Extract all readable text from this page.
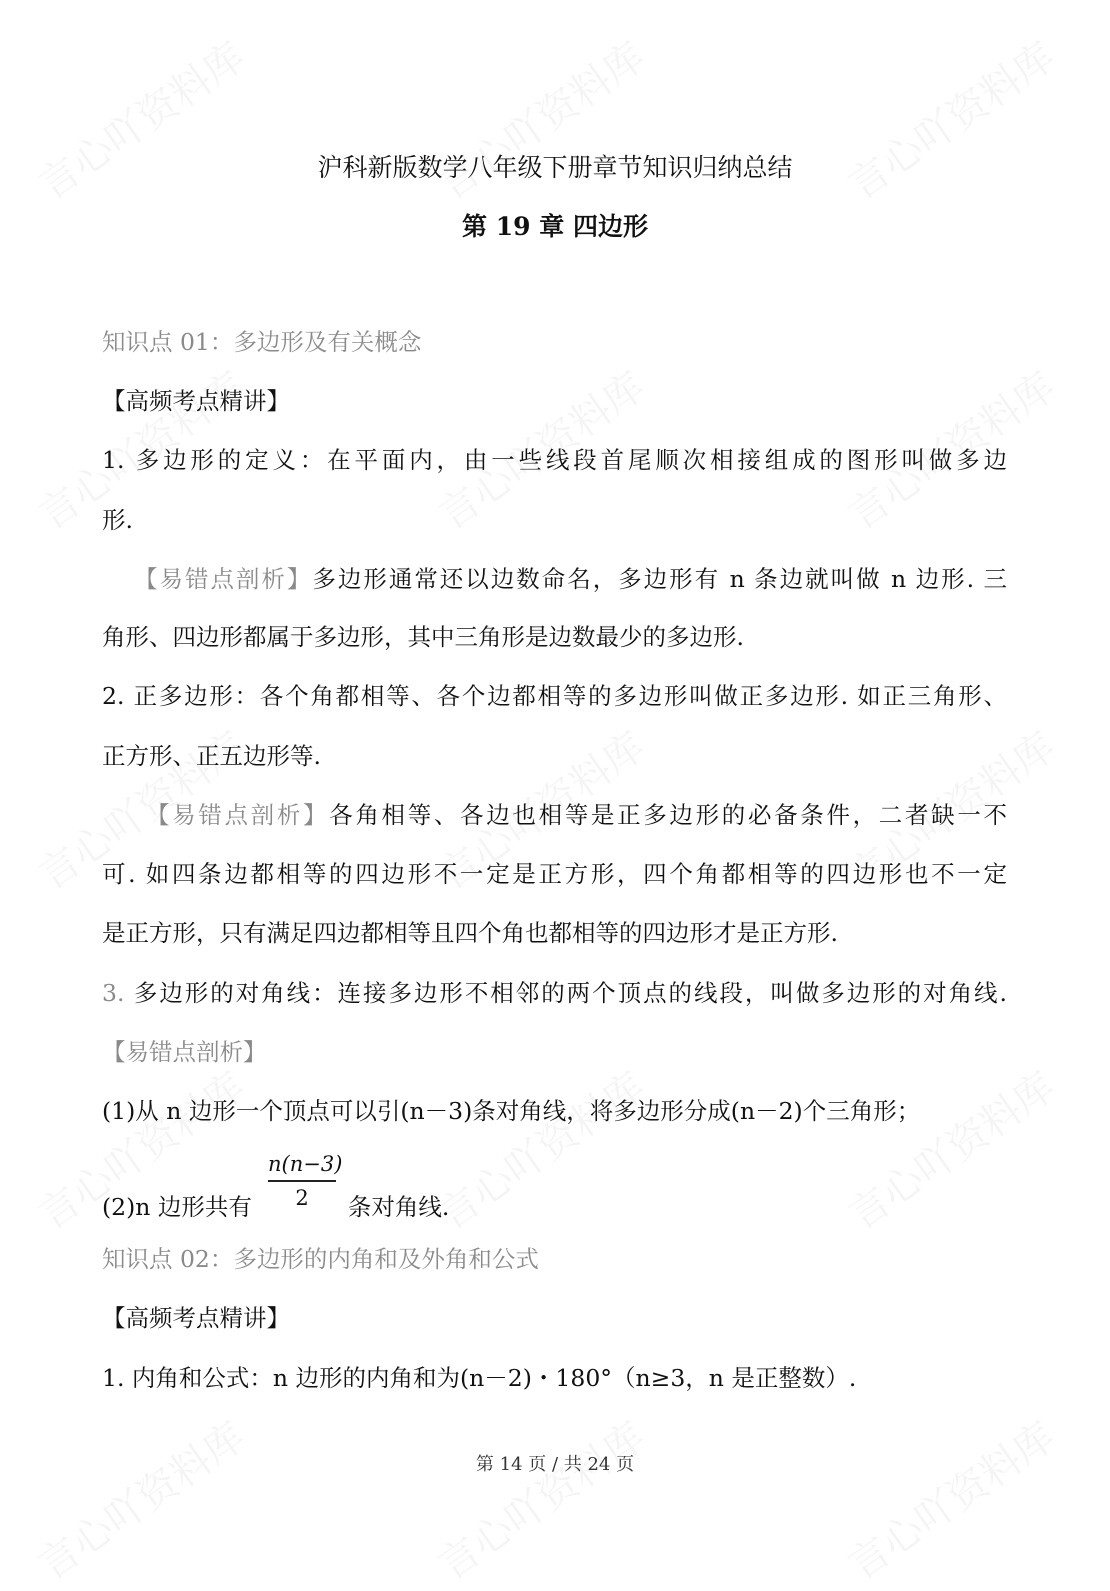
沪科新版数学八年级下册章节知识归纳总结
第 19 章 四边形
知识点 01：多边形及有关概念
【高频考点精讲】
1. 多边形的定义：在平面内，由一些线段首尾顺次相接组成的图形叫做多边
形.
【易错点剖析】多边形通常还以边数命名，多边形有 n 条边就叫做 n 边形. 三
角形、四边形都属于多边形，其中三角形是边数最少的多边形.
2. 正多边形：各个角都相等、各个边都相等的多边形叫做正多边形. 如正三角形、
正方形、正五边形等.
【易错点剖析】各角相等、各边也相等是正多边形的必备条件，二者缺一不
可. 如四条边都相等的四边形不一定是正方形，四个角都相等的四边形也不一定
是正方形，只有满足四边都相等且四个角也都相等的四边形才是正方形.
3. 多边形的对角线：连接多边形不相邻的两个顶点的线段，叫做多边形的对角线.
【易错点剖析】
(1)从 n 边形一个顶点可以引(n－3)条对角线，将多边形分成(n－2)个三角形；
(2)n 边形共有	条对角线.
知识点 02：多边形的内角和及外角和公式
【高频考点精讲】
1. 内角和公式：n 边形的内角和为(n－2)・180°（n≥3，n 是正整数）.
$\frac{n(n-3)}{2}$
第 14 页 / 共 24 页
